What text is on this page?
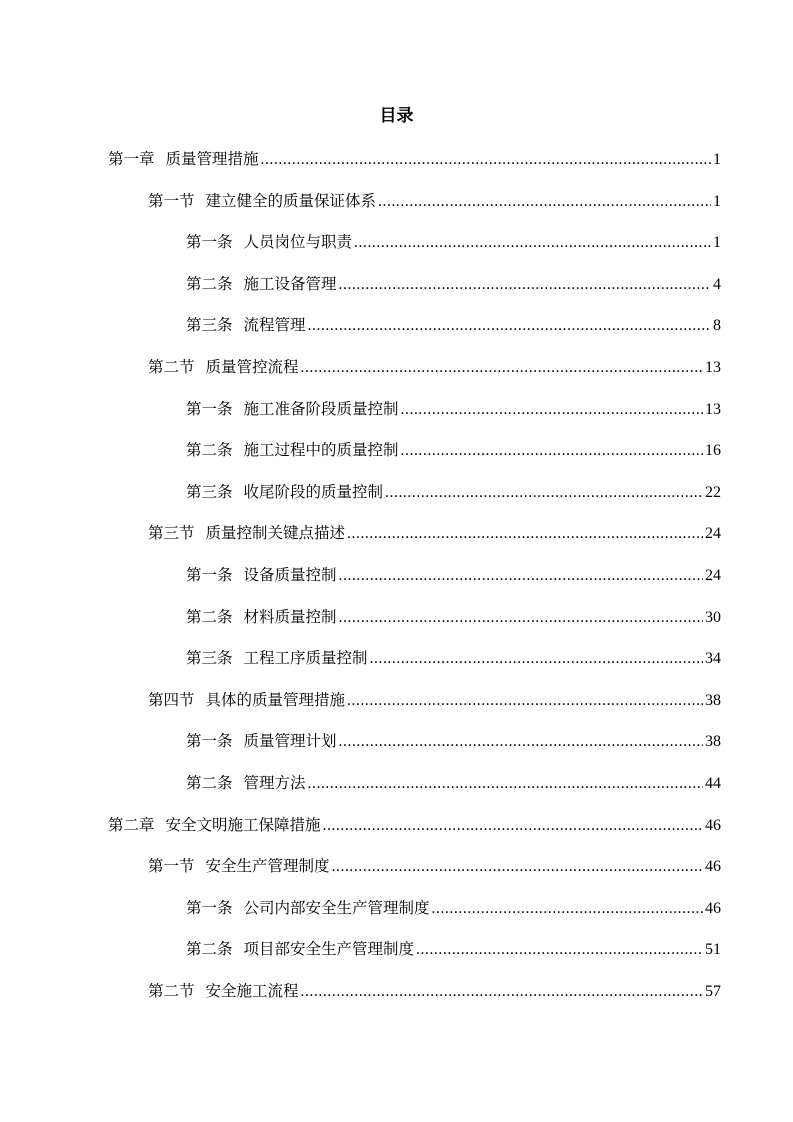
目录
第一章 质量管理措施 .....	1
第一节 建立健全的质量保证体系 .....	1
第一条 人员岗位与职责 .....	1
第二条 施工设备管理 .....	4
第三条 流程管理 .....	8
第二节 质量管控流程 .....	13
第一条 施工准备阶段质量控制 .....	13
第二条 施工过程中的质量控制 .....	16
第三条 收尾阶段的质量控制 .....	22
第三节 质量控制关键点描述 .....	24
第一条 设备质量控制 .....	24
第二条 材料质量控制 .....	30
第三条 工程工序质量控制 .....	34
第四节 具体的质量管理措施 .....	38
第一条 质量管理计划 .....	38
第二条 管理方法 .....	44
第二章 安全文明施工保障措施 .....	46
第一节 安全生产管理制度 .....	46
第一条 公司内部安全生产管理制度 .....	46
第二条 项目部安全生产管理制度 .....	51
第二节 安全施工流程 .....	57
